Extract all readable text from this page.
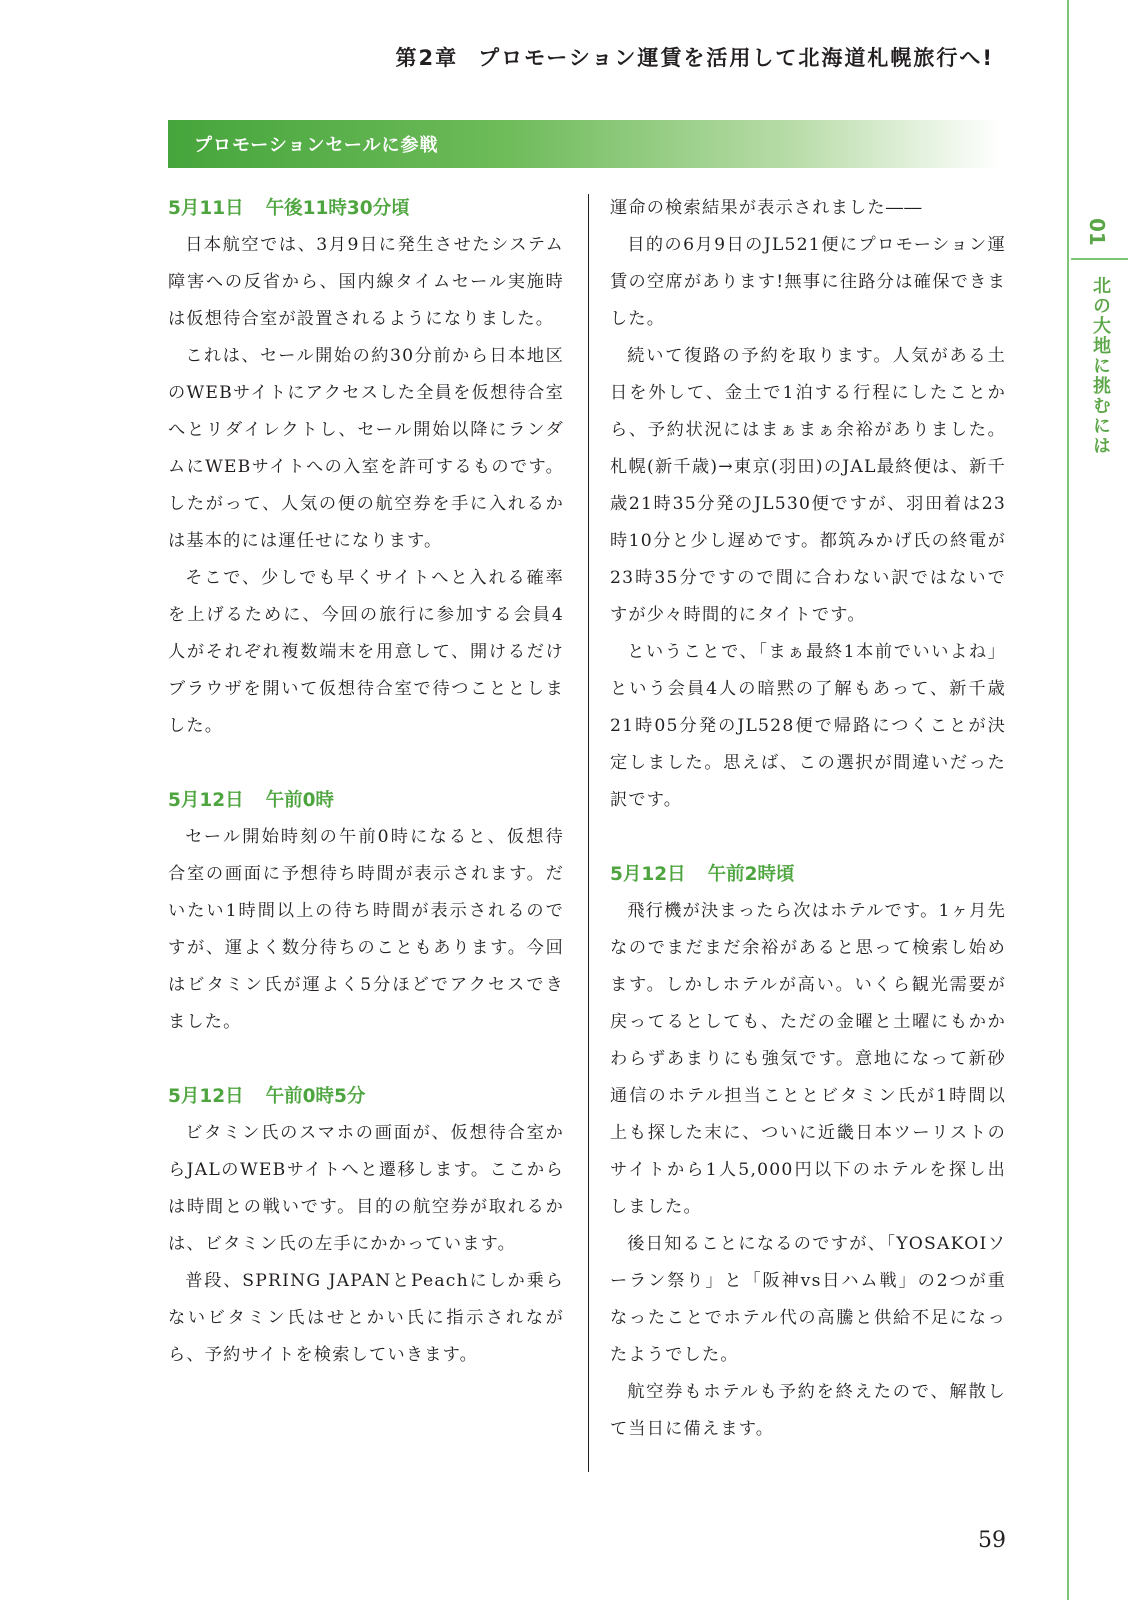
第2章 プロモーション運賃を活用して北海道札幌旅行へ!
01
北の大地に挑むには
プロモーションセールに参戦
5月11日 午後11時30分頃

日本航空では、3月9日に発生させたシステム障害への反省から、国内線タイムセール実施時は仮想待合室が設置されるようになりました。

これは、セール開始の約30分前から日本地区のWEBサイトにアクセスした全員を仮想待合室へとリダイレクトし、セール開始以降にランダムにWEBサイトへの入室を許可するものです。したがって、人気の便の航空券を手に入れるかは基本的には運任せになります。

そこで、少しでも早くサイトへと入れる確率を上げるために、今回の旅行に参加する会員4人がそれぞれ複数端末を用意して、開けるだけブラウザを開いて仮想待合室で待つこととしました。

5月12日 午前0時

セール開始時刻の午前0時になると、仮想待合室の画面に予想待ち時間が表示されます。だいたい1時間以上の待ち時間が表示されるのですが、運よく数分待ちのこともあります。今回はビタミン氏が運よく5分ほどでアクセスできました。

5月12日 午前0時5分

ビタミン氏のスマホの画面が、仮想待合室からJALのWEBサイトへと遷移します。ここからは時間との戦いです。目的の航空券が取れるかは、ビタミン氏の左手にかかっています。

普段、SPRING JAPANとPeachにしか乗らないビタミン氏はせとかい氏に指示されながら、予約サイトを検索していきます。

運命の検索結果が表示されました――

目的の6月9日のJL521便にプロモーション運賃の空席があります!無事に往路分は確保できました。

続いて復路の予約を取ります。人気がある土日を外して、金土で1泊する行程にしたことから、予約状況にはまぁまぁ余裕がありました。札幌(新千歳)→東京(羽田)のJAL最終便は、新千歳21時35分発のJL530便ですが、羽田着は23時10分と少し遅めです。都筑みかげ氏の終電が23時35分ですので間に合わない訳ではないですが少々時間的にタイトです。

ということで、「まぁ最終1本前でいいよね」という会員4人の暗黙の了解もあって、新千歳21時05分発のJL528便で帰路につくことが決定しました。思えば、この選択が間違いだった訳です。

5月12日 午前2時頃

飛行機が決まったら次はホテルです。1ヶ月先なのでまだまだ余裕があると思って検索し始めます。しかしホテルが高い。いくら観光需要が戻ってるとしても、ただの金曜と土曜にもかかわらずあまりにも強気です。意地になって新砂通信のホテル担当こととビタミン氏が1時間以上も探した末に、ついに近畿日本ツーリストのサイトから1人5,000円以下のホテルを探し出しました。

後日知ることになるのですが、「YOSAKOIソーラン祭り」と「阪神vs日ハム戦」の2つが重なったことでホテル代の高騰と供給不足になったようでした。

航空券もホテルも予約を終えたので、解散して当日に備えます。

59
